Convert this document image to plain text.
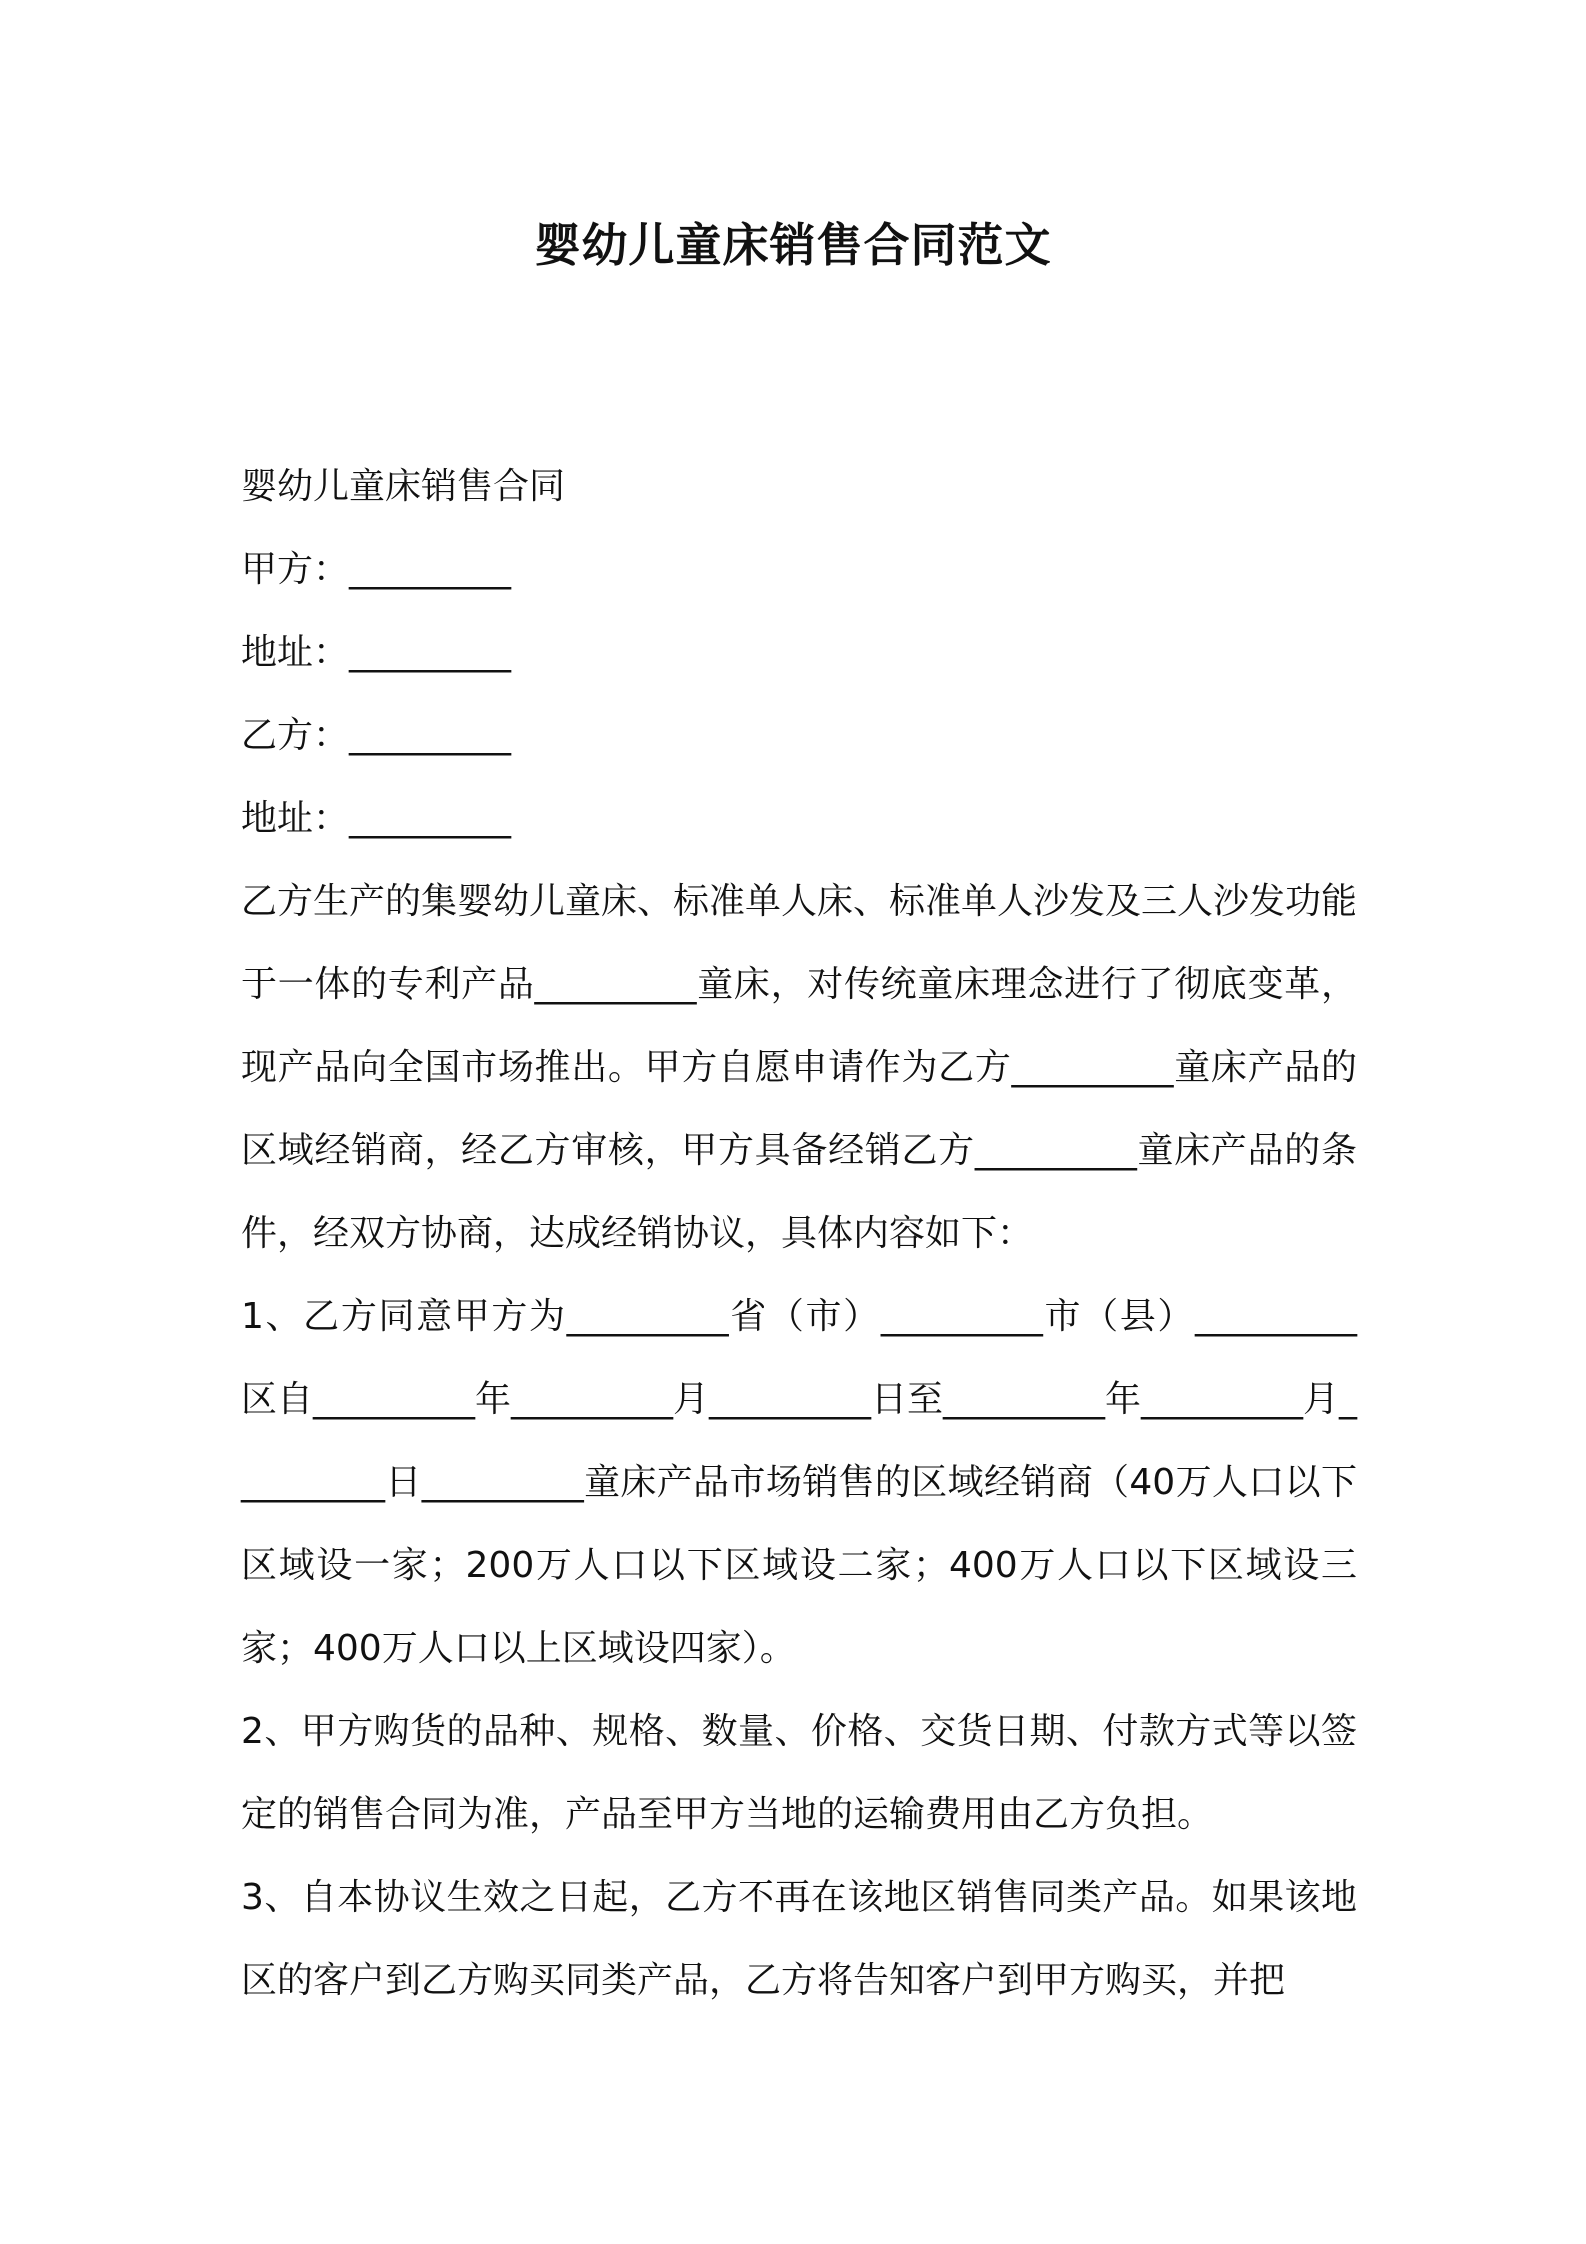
婴幼儿童床销售合同范文

婴幼儿童床销售合同

甲方：_________

地址：_________

乙方：_________

地址：_________

乙方生产的集婴幼儿童床、标准单人床、标准单人沙发及三人沙发功能于一体的专利产品_________童床，对传统童床理念进行了彻底变革，现产品向全国市场推出。甲方自愿申请作为乙方_________童床产品的区域经销商，经乙方审核，甲方具备经销乙方_________童床产品的条件，经双方协商，达成经销协议，具体内容如下：

1、乙方同意甲方为_________省（市）_________市（县）_________区自_________年_________月_________日至_________年_________月_________日_________童床产品市场销售的区域经销商（40万人口以下区域设一家；200万人口以下区域设二家；400万人口以下区域设三家；400万人口以上区域设四家）。

2、甲方购货的品种、规格、数量、价格、交货日期、付款方式等以签定的销售合同为准，产品至甲方当地的运输费用由乙方负担。

3、自本协议生效之日起，乙方不再在该地区销售同类产品。如果该地区的客户到乙方购买同类产品，乙方将告知客户到甲方购买，并把
